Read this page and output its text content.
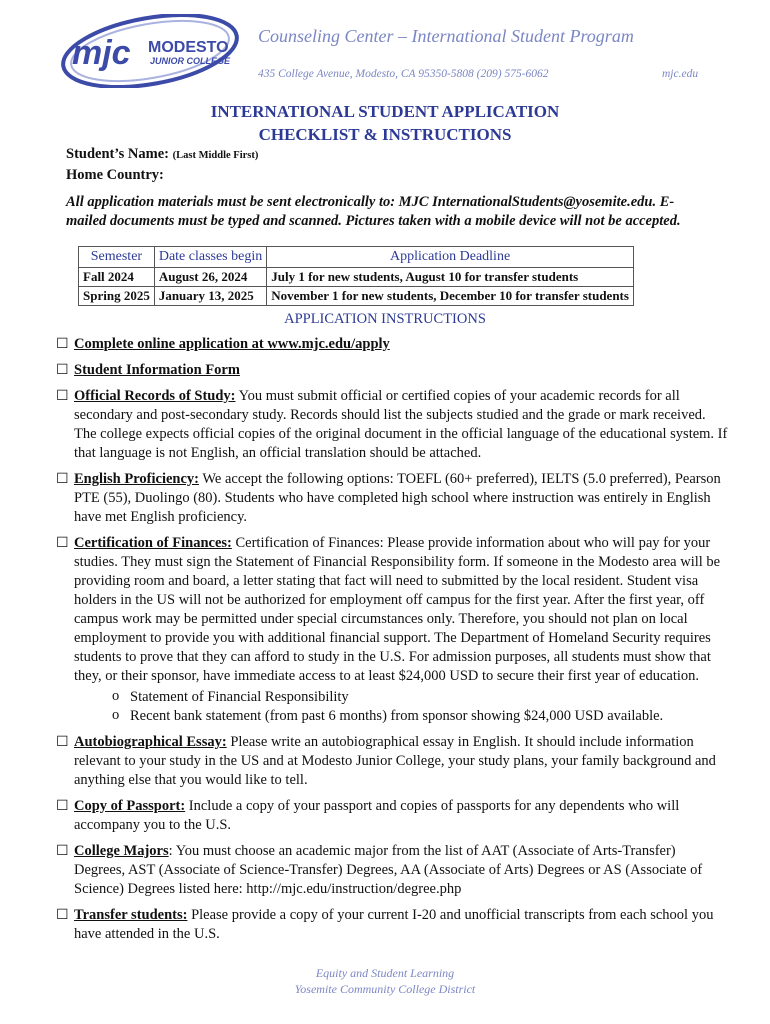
mjc MODESTO
JUNIOR COLLEGE
Counseling Center – International Student Program
435 College Avenue, Modesto, CA 95350-5808 (209) 575-6062	mjc.edu
INTERNATIONAL STUDENT APPLICATION
CHECKLIST & INSTRUCTIONS
Student’s Name: (Last Middle First)
Home Country:
All application materials must be sent electronically to: MJC InternationalStudents@yosemite.edu. E-mailed documents must be typed and scanned. Pictures taken with a mobile device will not be accepted.
Semester	Date classes begin	Application Deadline
Fall 2024	August 26, 2024	July 1 for new students, August 10 for transfer students
Spring 2025	January 13, 2025	November 1 for new students, December 10 for transfer students
APPLICATION INSTRUCTIONS
☐ Complete online application at www.mjc.edu/apply
☐ Student Information Form
☐ Official Records of Study: You must submit official or certified copies of your academic records for all secondary and post-secondary study. Records should list the subjects studied and the grade or mark received. The college expects official copies of the original document in the official language of the educational system. If that language is not English, an official translation should be attached.
☐ English Proficiency: We accept the following options: TOEFL (60+ preferred), IELTS (5.0 preferred), Pearson PTE (55), Duolingo (80). Students who have completed high school where instruction was entirely in English have met English proficiency.
☐ Certification of Finances: Certification of Finances: Please provide information about who will pay for your studies. They must sign the Statement of Financial Responsibility form. If someone in the Modesto area will be providing room and board, a letter stating that fact will need to submitted by the local resident. Student visa holders in the US will not be authorized for employment off campus for the first year. After the first year, off campus work may be permitted under special circumstances only. Therefore, you should not plan on local employment to provide you with additional financial support. The Department of Homeland Security requires students to prove that they can afford to study in the U.S. For admission purposes, all students must show that they, or their sponsor, have immediate access to at least $24,000 USD to secure their first year of education.
o Statement of Financial Responsibility
o Recent bank statement (from past 6 months) from sponsor showing $24,000 USD available.
☐ Autobiographical Essay: Please write an autobiographical essay in English. It should include information relevant to your study in the US and at Modesto Junior College, your study plans, your family background and anything else that you would like to tell.
☐ Copy of Passport: Include a copy of your passport and copies of passports for any dependents who will accompany you to the U.S.
☐ College Majors: You must choose an academic major from the list of AAT (Associate of Arts-Transfer) Degrees, AST (Associate of Science-Transfer) Degrees, AA (Associate of Arts) Degrees or AS (Associate of Science) Degrees listed here: http://mjc.edu/instruction/degree.php
☐ Transfer students: Please provide a copy of your current I-20 and unofficial transcripts from each school you have attended in the U.S.
Equity and Student Learning
Yosemite Community College District
